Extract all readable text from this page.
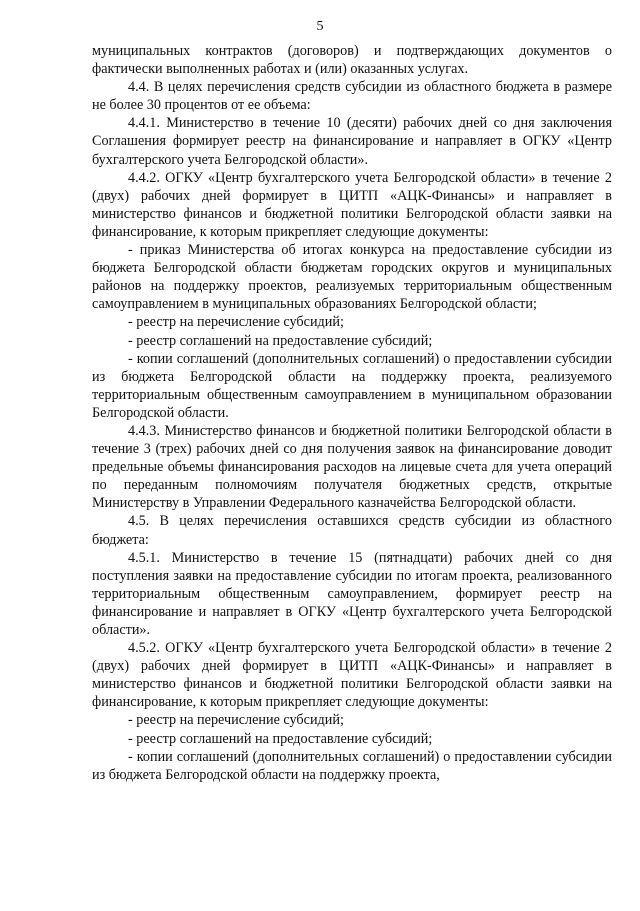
5

муниципальных контрактов (договоров) и подтверждающих документов о фактически выполненных работах и (или) оказанных услугах.

4.4. В целях перечисления средств субсидии из областного бюджета в размере не более 30 процентов от ее объема:

4.4.1. Министерство в течение 10 (десяти) рабочих дней со дня заключения Соглашения формирует реестр на финансирование и направляет в ОГКУ «Центр бухгалтерского учета Белгородской области».

4.4.2. ОГКУ «Центр бухгалтерского учета Белгородской области» в течение 2 (двух) рабочих дней формирует в ЦИТП «АЦК-Финансы» и направляет в министерство финансов и бюджетной политики Белгородской области заявки на финансирование, к которым прикрепляет следующие документы:

- приказ Министерства об итогах конкурса на предоставление субсидии из бюджета Белгородской области бюджетам городских округов и муниципальных районов на поддержку проектов, реализуемых территориальным общественным самоуправлением в муниципальных образованиях Белгородской области;

- реестр на перечисление субсидий;

- реестр соглашений на предоставление субсидий;

- копии соглашений (дополнительных соглашений) о предоставлении субсидии из бюджета Белгородской области на поддержку проекта, реализуемого территориальным общественным самоуправлением в муниципальном образовании Белгородской области.

4.4.3. Министерство финансов и бюджетной политики Белгородской области в течение 3 (трех) рабочих дней со дня получения заявок на финансирование доводит предельные объемы финансирования расходов на лицевые счета для учета операций по переданным полномочиям получателя бюджетных средств, открытые Министерству в Управлении Федерального казначейства Белгородской области.

4.5. В целях перечисления оставшихся средств субсидии из областного бюджета:

4.5.1. Министерство в течение 15 (пятнадцати) рабочих дней со дня поступления заявки на предоставление субсидии по итогам проекта, реализованного территориальным общественным самоуправлением, формирует реестр на финансирование и направляет в ОГКУ «Центр бухгалтерского учета Белгородской области».

4.5.2. ОГКУ «Центр бухгалтерского учета Белгородской области» в течение 2 (двух) рабочих дней формирует в ЦИТП «АЦК-Финансы» и направляет в министерство финансов и бюджетной политики Белгородской области заявки на финансирование, к которым прикрепляет следующие документы:

- реестр на перечисление субсидий;

- реестр соглашений на предоставление субсидий;

- копии соглашений (дополнительных соглашений) о предоставлении субсидии из бюджета Белгородской области на поддержку проекта,
